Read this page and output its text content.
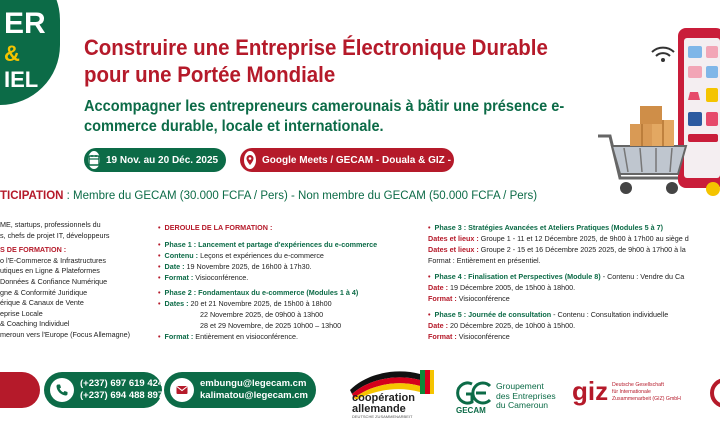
ER
&
IEL
Construire une Entreprise Électronique Durable pour une Portée Mondiale
Accompagner les entrepreneurs camerounais à bâtir une présence e-commerce durable, locale et internationale.
19 Nov. au 20 Déc. 2025	Google Meets / GECAM - Douala & GIZ - Yaoundé
TICIPATION : Membre du GECAM (30.000 FCFA / Pers) - Non membre du GECAM (50.000 FCFA / Pers)
ME, startups, professionnels du
s, chefs de projet IT, développeurs
S DE FORMATION :
o l'E-Commerce & Infrastructures
utiques en Ligne & Plateformes
Données & Confiance Numérique
gne & Conformité Juridique
érique & Canaux de Vente
eprise Locale
& Coaching Individuel
meroun vers l'Europe (Focus Allemagne)
• DEROULE DE LA FORMATION :
• Phase 1 : Lancement et partage d'expériences du e-commerce
• Contenu : Leçons et expériences du e-commerce
• Date : 19 Novembre 2025, de 16h00 à 17h30.
• Format : Visioconférence.
• Phase 2 : Fondamentaux du e-commerce (Modules 1 à 4)
• Dates : 20 et 21 Novembre 2025, de 15h00 à 18h00
22 Novembre 2025, de 09h00 à 13h00
28 et 29 Novembre, de 2025 10h00 – 13h00
• Format : Entièrement en visioconférence.
• Phase 3 : Stratégies Avancées et Ateliers Pratiques (Modules 5 à 7)
Dates et lieux : Groupe 1 - 11 et 12 Décembre 2025, de 9h00 à 17h00 au siège d
Dates et lieux : Groupe 2 - 15 et 16 Décembre 2025 2025, de 9h00 à 17h00 à la
Format : Entièrement en présentiel.
• Phase 4 : Finalisation et Perspectives (Module 8) - Contenu : Vendre du Ca
Date : 19 Décembre 2005, de 15h00 à 18h00.
Format : Visioconférence
• Phase 5 : Journée de consultation - Contenu : Consultation individuelle
Date : 20 Décembre 2025, de 10h00 à 15h00.
Format : Visioconférence
(+237) 697 619 424
(+237) 694 488 897
embungu@legecam.cm
kalimatou@legecam.cm	coopération
allemande
DEUTSCHE ZUSAMMENARBEIT
GECAM
Groupement
des Entreprises
du Cameroun giz Deutsche Gesellschaft
für Internationale
Zusammenarbeit (GIZ) GmbH
